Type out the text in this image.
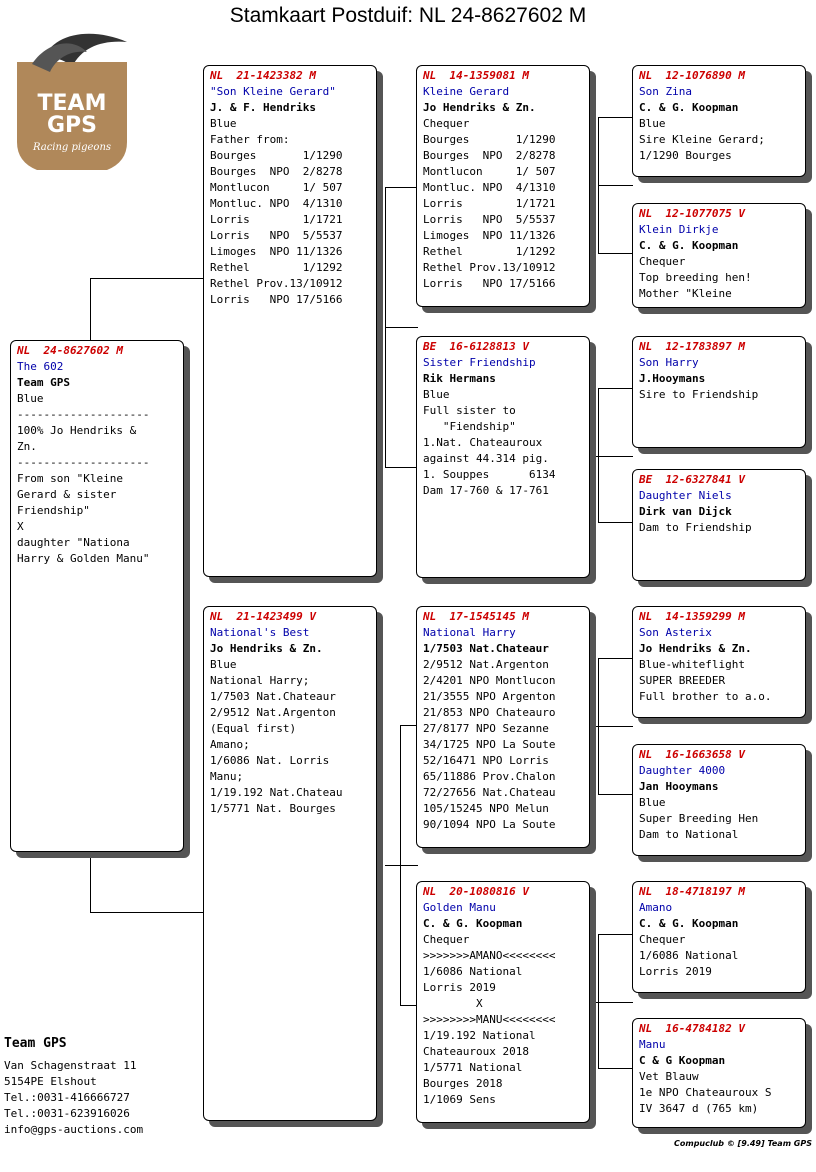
Stamkaart Postduif: NL 24-8627602 M
TEAM
GPS
Racing pigeons
NL  24-8627602 M
The 602
Team GPS
Blue
--------------------
100% Jo Hendriks &
Zn.
--------------------
From son "Kleine
Gerard & sister
Friendship"
X
daughter "Nationa
Harry & Golden Manu"
NL  21-1423382 M
"Son Kleine Gerard"
J. & F. Hendriks
Blue
Father from:
Bourges       1/1290
Bourges  NPO  2/8278
Montlucon     1/ 507
Montluc. NPO  4/1310
Lorris        1/1721
Lorris   NPO  5/5537
Limoges  NPO 11/1326
Rethel        1/1292
Rethel Prov.13/10912
Lorris   NPO 17/5166
NL  21-1423499 V
National's Best
Jo Hendriks & Zn.
Blue
National Harry;
1/7503 Nat.Chateaur
2/9512 Nat.Argenton
(Equal first)
Amano;
1/6086 Nat. Lorris
Manu;
1/19.192 Nat.Chateau
1/5771 Nat. Bourges
NL  14-1359081 M
Kleine Gerard
Jo Hendriks & Zn.
Chequer
Bourges       1/1290
Bourges  NPO  2/8278
Montlucon     1/ 507
Montluc. NPO  4/1310
Lorris        1/1721
Lorris   NPO  5/5537
Limoges  NPO 11/1326
Rethel        1/1292
Rethel Prov.13/10912
Lorris   NPO 17/5166
BE  16-6128813 V
Sister Friendship
Rik Hermans
Blue
Full sister to
"Fiendship"
1.Nat. Chateauroux
against 44.314 pig.
1. Souppes      6134
Dam 17-760 & 17-761
NL  17-1545145 M
National Harry
1/7503 Nat.Chateaur
2/9512 Nat.Argenton
2/4201 NPO Montlucon
21/3555 NPO Argenton
21/853 NPO Chateauro
27/8177 NPO Sezanne
34/1725 NPO La Soute
52/16471 NPO Lorris
65/11886 Prov.Chalon
72/27656 Nat.Chateau
105/15245 NPO Melun
90/1094 NPO La Soute
NL  20-1080816 V
Golden Manu
C. & G. Koopman
Chequer
>>>>>>>AMANO<<<<<<<<
1/6086 National
Lorris 2019
X
>>>>>>>>MANU<<<<<<<<
1/19.192 National
Chateauroux 2018
1/5771 National
Bourges 2018
1/1069 Sens
NL  12-1076890 M
Son Zina
C. & G. Koopman
Blue
Sire Kleine Gerard;
1/1290 Bourges
NL  12-1077075 V
Klein Dirkje
C. & G. Koopman
Chequer
Top breeding hen!
Mother "Kleine
NL  12-1783897 M
Son Harry
J.Hooymans
Sire to Friendship
BE  12-6327841 V
Daughter Niels
Dirk van Dijck
Dam to Friendship
NL  14-1359299 M
Son Asterix
Jo Hendriks & Zn.
Blue-whiteflight
SUPER BREEDER
Full brother to a.o.
NL  16-1663658 V
Daughter 4000
Jan Hooymans
Blue
Super Breeding Hen
Dam to National
NL  18-4718197 M
Amano
C. & G. Koopman
Chequer
1/6086 National
Lorris 2019
NL  16-4784182 V
Manu
C & G Koopman
Vet Blauw
1e NPO Chateauroux S
IV 3647 d (765 km)
Team GPS
Van Schagenstraat 11
5154PE Elshout
Tel.:0031-416666727
Tel.:0031-623916026
info@gps-auctions.com
Compuclub © [9.49] Team GPS
